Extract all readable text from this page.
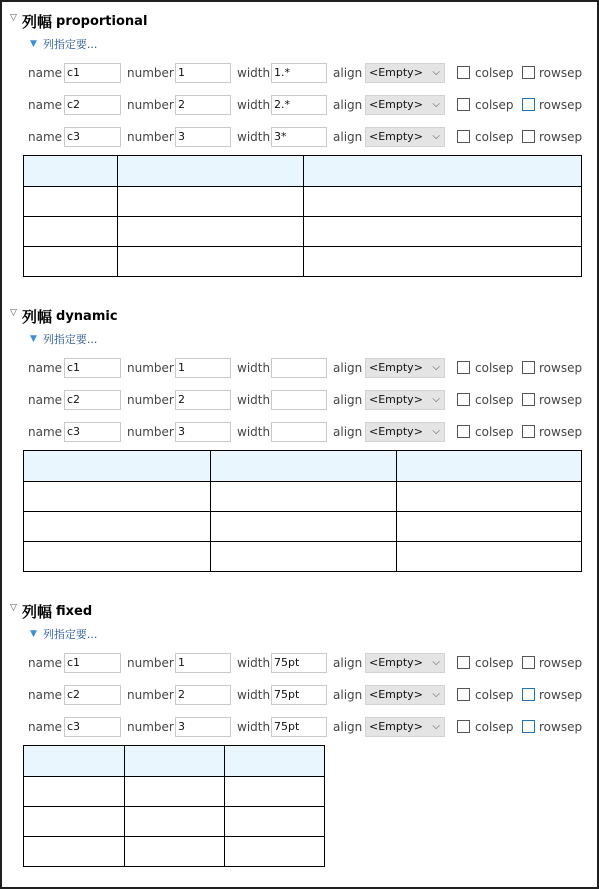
▽ 列幅 proportional
▼ 列指定要...
name c1	number 1	width 1.*	align <Empty> ⌵	colsep rowsep
name c2	number 2	width 2.*	align <Empty> ⌵	colsep rowsep
name c3	number 3	width 3*	align <Empty> ⌵	colsep rowsep

▽ 列幅 dynamic
▼ 列指定要...
name c1	number 1	width	align <Empty> ⌵	colsep rowsep
name c2	number 2	width	align <Empty> ⌵	colsep rowsep
name c3	number 3	width	align <Empty> ⌵	colsep rowsep

▽ 列幅 fixed
▼ 列指定要...
name c1	number 1	width 75pt	align <Empty> ⌵	colsep rowsep
name c2	number 2	width 75pt	align <Empty> ⌵	colsep rowsep
name c3	number 3	width 75pt	align <Empty> ⌵	colsep rowsep
